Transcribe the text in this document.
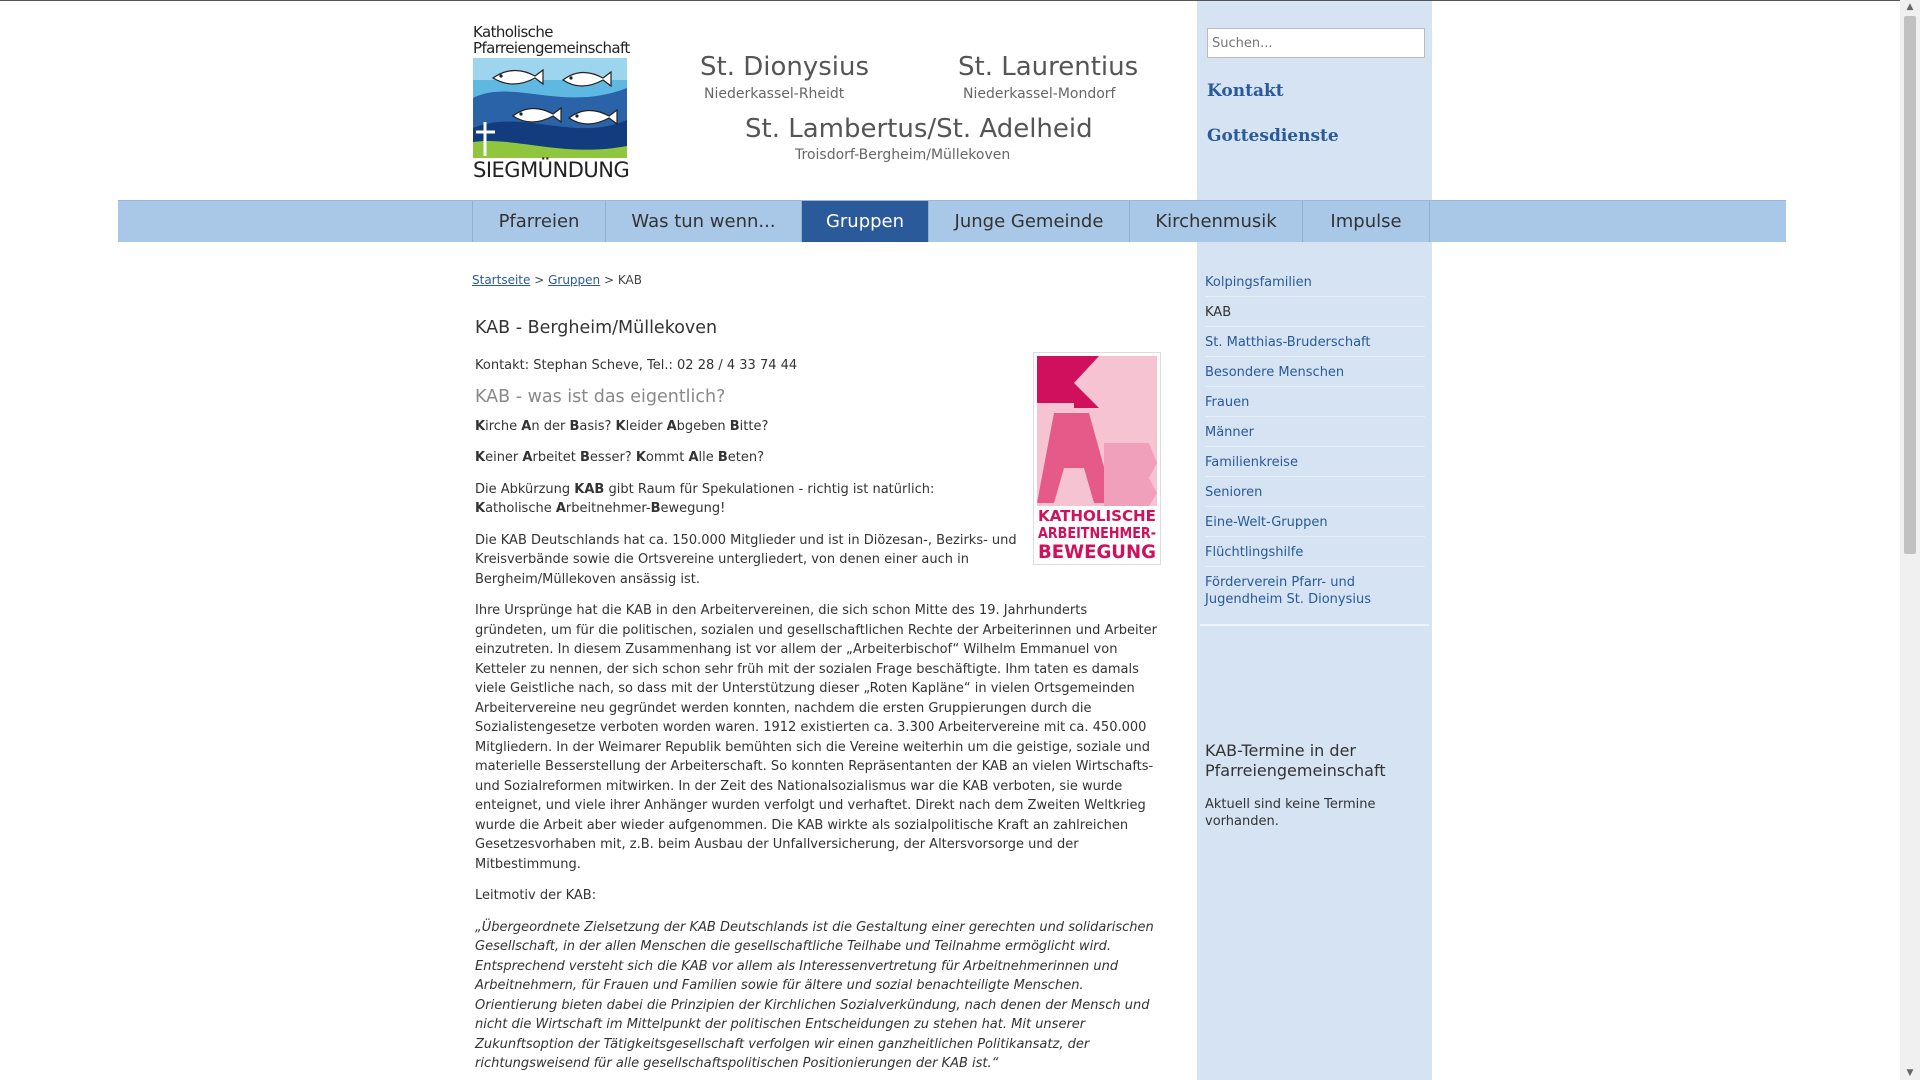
Katholische
Pfarreiengemeinschaft
SIEGMÜNDUNG
St. Dionysius
Niederkassel-Rheidt
St. Laurentius
Niederkassel-Mondorf
St. Lambertus/St. Adelheid
Troisdorf-Bergheim/Müllekoven
Suchen...
Kontakt
Gottesdienste
Pfarreien	Was tun wenn...	Gruppen	Junge Gemeinde	Kirchenmusik	Impulse
Startseite > Gruppen > KAB
KAB - Bergheim/Müllekoven
Kontakt: Stephan Scheve, Tel.: 02 28 / 4 33 74 44
KAB - was ist das eigentlich?

Kirche An der Basis? Kleider Abgeben Bitte?

Keiner Arbeitet Besser? Kommt Alle Beten?

Die Abkürzung KAB gibt Raum für Spekulationen - richtig ist natürlich:
Katholische Arbeitnehmer-Bewegung!

Die KAB Deutschlands hat ca. 150.000 Mitglieder und ist in Diözesan-, Bezirks- und Kreisverbände sowie die Ortsvereine untergliedert, von denen einer auch in Bergheim/Müllekoven ansässig ist.

Ihre Ursprünge hat die KAB in den Arbeitervereinen, die sich schon Mitte des 19. Jahrhunderts gründeten, um für die politischen, sozialen und gesellschaftlichen Rechte der Arbeiterinnen und Arbeiter einzutreten. In diesem Zusammenhang ist vor allem der „Arbeiterbischof“ Wilhelm Emmanuel von Ketteler zu nennen, der sich schon sehr früh mit der sozialen Frage beschäftigte. Ihm taten es damals viele Geistliche nach, so dass mit der Unterstützung dieser „Roten Kapläne“ in vielen Ortsgemeinden Arbeitervereine neu gegründet werden konnten, nachdem die ersten Gruppierungen durch die Sozialistengesetze verboten worden waren. 1912 existierten ca. 3.300 Arbeitervereine mit ca. 450.000 Mitgliedern. In der Weimarer Republik bemühten sich die Vereine weiterhin um die geistige, soziale und materielle Besserstellung der Arbeiterschaft. So konnten Repräsentanten der KAB an vielen Wirtschafts- und Sozialreformen mitwirken. In der Zeit des Nationalsozialismus war die KAB verboten, sie wurde enteignet, und viele ihrer Anhänger wurden verfolgt und verhaftet. Direkt nach dem Zweiten Weltkrieg wurde die Arbeit aber wieder aufgenommen. Die KAB wirkte als sozialpolitische Kraft an zahlreichen Gesetzesvorhaben mit, z.B. beim Ausbau der Unfallversicherung, der Altersvorsorge und der Mitbestimmung.

Leitmotiv der KAB:

„Übergeordnete Zielsetzung der KAB Deutschlands ist die Gestaltung einer gerechten und solidarischen Gesellschaft, in der allen Menschen die gesellschaftliche Teilhabe und Teilnahme ermöglicht wird. Entsprechend versteht sich die KAB vor allem als Interessenvertretung für Arbeitnehmerinnen und Arbeitnehmern, für Frauen und Familien sowie für ältere und sozial benachteiligte Menschen. Orientierung bieten dabei die Prinzipien der Kirchlichen Sozialverkündung, nach denen der Mensch und nicht die Wirtschaft im Mittelpunkt der politischen Entscheidungen zu stehen hat. Mit unserer Zukunftsoption der Tätigkeitsgesellschaft verfolgen wir einen ganzheitlichen Politikansatz, der richtungsweisend für alle gesellschaftspolitischen Positionierungen der KAB ist.“

KATHOLISCHE
ARBEITNEHMER-
BEWEGUNG
Kolpingsfamilien
KAB
St. Matthias-Bruderschaft
Besondere Menschen
Frauen
Männer
Familienkreise
Senioren
Eine-Welt-Gruppen
Flüchtlingshilfe
Förderverein Pfarr- und Jugendheim St. Dionysius
KAB-Termine in der Pfarreiengemeinschaft
Aktuell sind keine Termine vorhanden.
▲
▼
